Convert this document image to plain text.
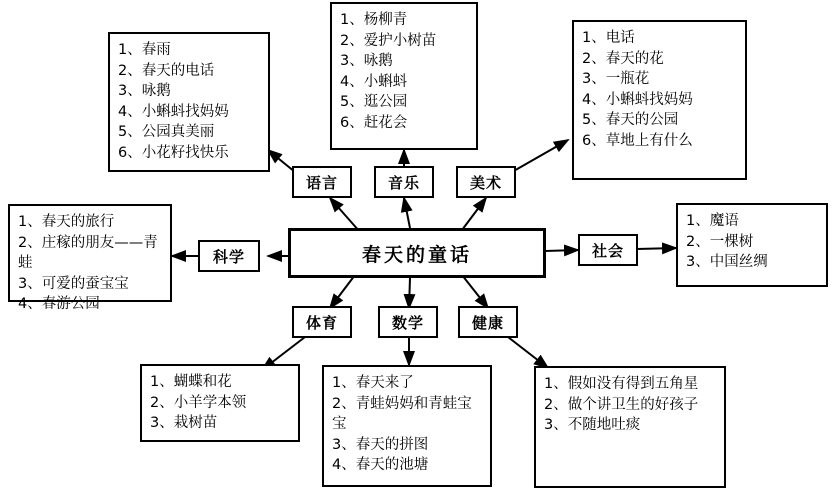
春天的童话
语言	音乐	美术
科学	社会
体育	数学	健康
1、春雨
2、春天的电话
3、咏鹅
4、小蝌蚪找妈妈
5、公园真美丽
6、小花籽找快乐
1、杨柳青
2、爱护小树苗
3、咏鹅
4、小蝌蚪
5、逛公园
6、赶花会
1、电话
2、春天的花
3、一瓶花
4、小蝌蚪找妈妈
5、春天的公园
6、草地上有什么
1、春天的旅行
2、庄稼的朋友——青蛙
3、可爱的蚕宝宝
4、春游公园
1、魔语
2、一棵树
3、中国丝绸
1、蝴蝶和花
2、小羊学本领
3、栽树苗
1、春天来了
2、青蛙妈妈和青蛙宝宝
3、春天的拼图
4、春天的池塘
1、假如没有得到五角星
2、做个讲卫生的好孩子
3、不随地吐痰
